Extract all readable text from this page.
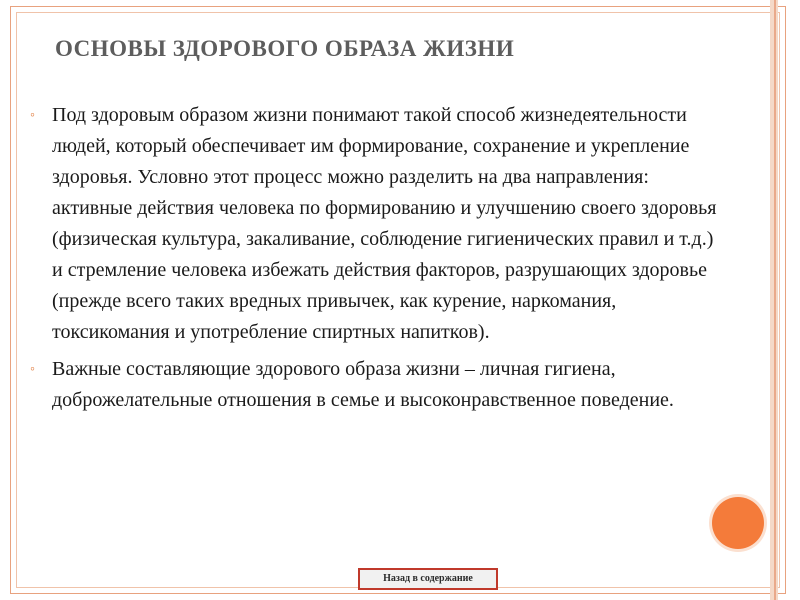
ОСНОВЫ ЗДОРОВОГО ОБРАЗА ЖИЗНИ

◦ Под здоровым образом жизни понимают такой способ жизнедеятельности людей, который обеспечивает им формирование, сохранение и укрепление здоровья. Условно этот процесс можно разделить на два направления: активные действия человека по формированию и улучшению своего здоровья (физическая культура, закаливание, соблюдение гигиенических правил и т.д.) и стремление человека избежать действия факторов, разрушающих здоровье (прежде всего таких вредных привычек, как курение, наркомания, токсикомания и употребление спиртных напитков).

◦ Важные составляющие здорового образа жизни – личная гигиена, доброжелательные отношения в семье и высоконравственное поведение.

Назад в содержание
